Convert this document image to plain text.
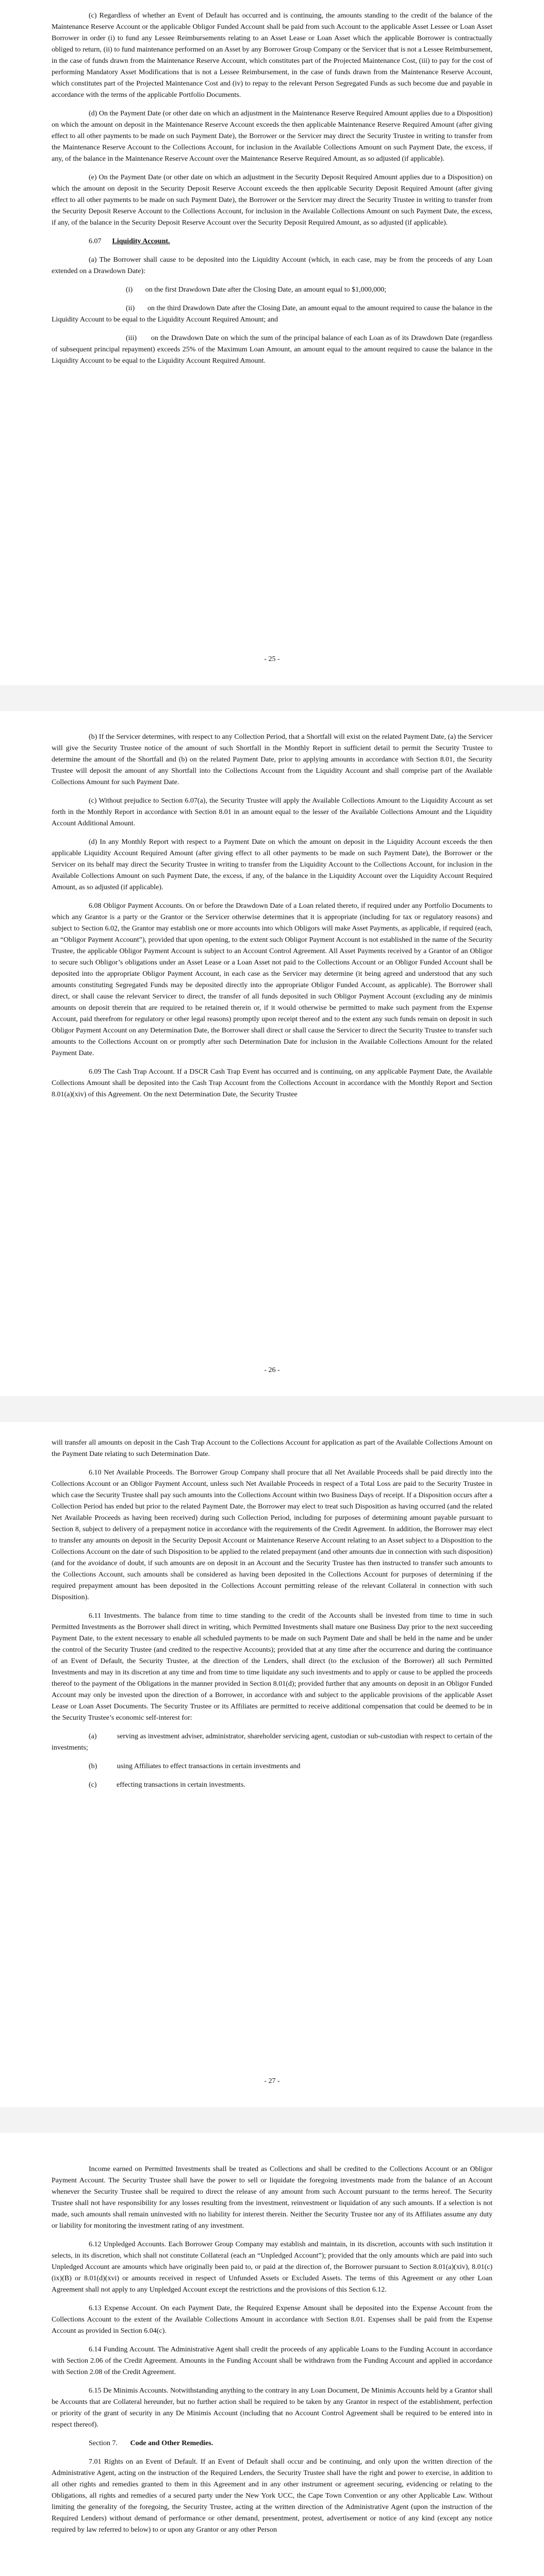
(c) Regardless of whether an Event of Default has occurred and is continuing, the amounts standing to the credit of the balance of the Maintenance Reserve Account or the applicable Obligor Funded Account shall be paid from such Account to the applicable Asset Lessee or Loan Asset Borrower in order (i) to fund any Lessee Reimbursements relating to an Asset Lease or Loan Asset which the applicable Borrower is contractually obliged to return, (ii) to fund maintenance performed on an Asset by any Borrower Group Company or the Servicer that is not a Lessee Reimbursement, in the case of funds drawn from the Maintenance Reserve Account, which constitutes part of the Projected Maintenance Cost, (iii) to pay for the cost of performing Mandatory Asset Modifications that is not a Lessee Reimbursement, in the case of funds drawn from the Maintenance Reserve Account, which constitutes part of the Projected Maintenance Cost and (iv) to repay to the relevant Person Segregated Funds as such become due and payable in accordance with the terms of the applicable Portfolio Documents.

(d) On the Payment Date (or other date on which an adjustment in the Maintenance Reserve Required Amount applies due to a Disposition) on which the amount on deposit in the Maintenance Reserve Account exceeds the then applicable Maintenance Reserve Required Amount (after giving effect to all other payments to be made on such Payment Date), the Borrower or the Servicer may direct the Security Trustee in writing to transfer from the Maintenance Reserve Account to the Collections Account, for inclusion in the Available Collections Amount on such Payment Date, the excess, if any, of the balance in the Maintenance Reserve Account over the Maintenance Reserve Required Amount, as so adjusted (if applicable).

(e) On the Payment Date (or other date on which an adjustment in the Security Deposit Required Amount applies due to a Disposition) on which the amount on deposit in the Security Deposit Reserve Account exceeds the then applicable Security Deposit Required Amount (after giving effect to all other payments to be made on such Payment Date), the Borrower or the Servicer may direct the Security Trustee in writing to transfer from the Security Deposit Reserve Account to the Collections Account, for inclusion in the Available Collections Amount on such Payment Date, the excess, if any, of the balance in the Security Deposit Reserve Account over the Security Deposit Required Amount, as so adjusted (if applicable).

6.07 Liquidity Account.

(a) The Borrower shall cause to be deposited into the Liquidity Account (which, in each case, may be from the proceeds of any Loan extended on a Drawdown Date):

(i) on the first Drawdown Date after the Closing Date, an amount equal to $1,000,000;

(ii) on the third Drawdown Date after the Closing Date, an amount equal to the amount required to cause the balance in the Liquidity Account to be equal to the Liquidity Account Required Amount; and

(iii) on the Drawdown Date on which the sum of the principal balance of each Loan as of its Drawdown Date (regardless of subsequent principal repayment) exceeds 25% of the Maximum Loan Amount, an amount equal to the amount required to cause the balance in the Liquidity Account to be equal to the Liquidity Account Required Amount.

- 25 -

(b) If the Servicer determines, with respect to any Collection Period, that a Shortfall will exist on the related Payment Date, (a) the Servicer will give the Security Trustee notice of the amount of such Shortfall in the Monthly Report in sufficient detail to permit the Security Trustee to determine the amount of the Shortfall and (b) on the related Payment Date, prior to applying amounts in accordance with Section 8.01, the Security Trustee will deposit the amount of any Shortfall into the Collections Account from the Liquidity Account and shall comprise part of the Available Collections Amount for such Payment Date.

(c) Without prejudice to Section 6.07(a), the Security Trustee will apply the Available Collections Amount to the Liquidity Account as set forth in the Monthly Report in accordance with Section 8.01 in an amount equal to the lesser of the Available Collections Amount and the Liquidity Account Additional Amount.

(d) In any Monthly Report with respect to a Payment Date on which the amount on deposit in the Liquidity Account exceeds the then applicable Liquidity Account Required Amount (after giving effect to all other payments to be made on such Payment Date), the Borrower or the Servicer on its behalf may direct the Security Trustee in writing to transfer from the Liquidity Account to the Collections Account, for inclusion in the Available Collections Amount on such Payment Date, the excess, if any, of the balance in the Liquidity Account over the Liquidity Account Required Amount, as so adjusted (if applicable).

6.08 Obligor Payment Accounts. On or before the Drawdown Date of a Loan related thereto, if required under any Portfolio Documents to which any Grantor is a party or the Grantor or the Servicer otherwise determines that it is appropriate (including for tax or regulatory reasons) and subject to Section 6.02, the Grantor may establish one or more accounts into which Obligors will make Asset Payments, as applicable, if required (each, an “Obligor Payment Account”), provided that upon opening, to the extent such Obligor Payment Account is not established in the name of the Security Trustee, the applicable Obligor Payment Account is subject to an Account Control Agreement. All Asset Payments received by a Grantor of an Obligor to secure such Obligor’s obligations under an Asset Lease or a Loan Asset not paid to the Collections Account or an Obligor Funded Account shall be deposited into the appropriate Obligor Payment Account, in each case as the Servicer may determine (it being agreed and understood that any such amounts constituting Segregated Funds may be deposited directly into the appropriate Obligor Funded Account, as applicable). The Borrower shall direct, or shall cause the relevant Servicer to direct, the transfer of all funds deposited in such Obligor Payment Account (excluding any de minimis amounts on deposit therein that are required to be retained therein or, if it would otherwise be permitted to make such payment from the Expense Account, paid therefrom for regulatory or other legal reasons) promptly upon receipt thereof and to the extent any such funds remain on deposit in such Obligor Payment Account on any Determination Date, the Borrower shall direct or shall cause the Servicer to direct the Security Trustee to transfer such amounts to the Collections Account on or promptly after such Determination Date for inclusion in the Available Collections Amount for the related Payment Date.

6.09 The Cash Trap Account. If a DSCR Cash Trap Event has occurred and is continuing, on any applicable Payment Date, the Available Collections Amount shall be deposited into the Cash Trap Account from the Collections Account in accordance with the Monthly Report and Section 8.01(a)(xiv) of this Agreement. On the next Determination Date, the Security Trustee

- 26 -

will transfer all amounts on deposit in the Cash Trap Account to the Collections Account for application as part of the Available Collections Amount on the Payment Date relating to such Determination Date.

6.10 Net Available Proceeds. The Borrower Group Company shall procure that all Net Available Proceeds shall be paid directly into the Collections Account or an Obligor Payment Account, unless such Net Available Proceeds in respect of a Total Loss are paid to the Security Trustee in which case the Security Trustee shall pay such amounts into the Collections Account within two Business Days of receipt. If a Disposition occurs after a Collection Period has ended but prior to the related Payment Date, the Borrower may elect to treat such Disposition as having occurred (and the related Net Available Proceeds as having been received) during such Collection Period, including for purposes of determining amount payable pursuant to Section 8, subject to delivery of a prepayment notice in accordance with the requirements of the Credit Agreement. In addition, the Borrower may elect to transfer any amounts on deposit in the Security Deposit Account or Maintenance Reserve Account relating to an Asset subject to a Disposition to the Collections Account on the date of such Disposition to be applied to the related prepayment (and other amounts due in connection with such disposition) (and for the avoidance of doubt, if such amounts are on deposit in an Account and the Security Trustee has then instructed to transfer such amounts to the Collections Account, such amounts shall be considered as having been deposited in the Collections Account for purposes of determining if the required prepayment amount has been deposited in the Collections Account permitting release of the relevant Collateral in connection with such Disposition).

6.11 Investments. The balance from time to time standing to the credit of the Accounts shall be invested from time to time in such Permitted Investments as the Borrower shall direct in writing, which Permitted Investments shall mature one Business Day prior to the next succeeding Payment Date, to the extent necessary to enable all scheduled payments to be made on such Payment Date and shall be held in the name and be under the control of the Security Trustee (and credited to the respective Accounts); provided that at any time after the occurrence and during the continuance of an Event of Default, the Security Trustee, at the direction of the Lenders, shall direct (to the exclusion of the Borrower) all such Permitted Investments and may in its discretion at any time and from time to time liquidate any such investments and to apply or cause to be applied the proceeds thereof to the payment of the Obligations in the manner provided in Section 8.01(d); provided further that any amounts on deposit in an Obligor Funded Account may only be invested upon the direction of a Borrower, in accordance with and subject to the applicable provisions of the applicable Asset Lease or Loan Asset Documents. The Security Trustee or its Affiliates are permitted to receive additional compensation that could be deemed to be in the Security Trustee’s economic self-interest for:

(a)	serving as investment adviser, administrator, shareholder servicing agent, custodian or sub-custodian with respect to certain of the investments;

(b)	using Affiliates to effect transactions in certain investments and

(c)	effecting transactions in certain investments.

- 27 -

Income earned on Permitted Investments shall be treated as Collections and shall be credited to the Collections Account or an Obligor Payment Account. The Security Trustee shall have the power to sell or liquidate the foregoing investments made from the balance of an Account whenever the Security Trustee shall be required to direct the release of any amount from such Account pursuant to the terms hereof. The Security Trustee shall not have responsibility for any losses resulting from the investment, reinvestment or liquidation of any such amounts. If a selection is not made, such amounts shall remain uninvested with no liability for interest therein. Neither the Security Trustee nor any of its Affiliates assume any duty or liability for monitoring the investment rating of any investment.

6.12 Unpledged Accounts. Each Borrower Group Company may establish and maintain, in its discretion, accounts with such institution it selects, in its discretion, which shall not constitute Collateral (each an “Unpledged Account”); provided that the only amounts which are paid into such Unpledged Account are amounts which have originally been paid to, or paid at the direction of, the Borrower pursuant to Section 8.01(a)(xiv), 8.01(c)(ix)(B) or 8.01(d)(xvi) or amounts received in respect of Unfunded Assets or Excluded Assets. The terms of this Agreement or any other Loan Agreement shall not apply to any Unpledged Account except the restrictions and the provisions of this Section 6.12.

6.13 Expense Account. On each Payment Date, the Required Expense Amount shall be deposited into the Expense Account from the Collections Account to the extent of the Available Collections Amount in accordance with Section 8.01. Expenses shall be paid from the Expense Account as provided in Section 6.04(c).

6.14 Funding Account. The Administrative Agent shall credit the proceeds of any applicable Loans to the Funding Account in accordance with Section 2.06 of the Credit Agreement. Amounts in the Funding Account shall be withdrawn from the Funding Account and applied in accordance with Section 2.08 of the Credit Agreement.

6.15 De Minimis Accounts. Notwithstanding anything to the contrary in any Loan Document, De Minimis Accounts held by a Grantor shall be Accounts that are Collateral hereunder, but no further action shall be required to be taken by any Grantor in respect of the establishment, perfection or priority of the grant of security in any De Minimis Account (including that no Account Control Agreement shall be required to be entered into in respect thereof).

Section 7. Code and Other Remedies.

7.01 Rights on an Event of Default. If an Event of Default shall occur and be continuing, and only upon the written direction of the Administrative Agent, acting on the instruction of the Required Lenders, the Security Trustee shall have the right and power to exercise, in addition to all other rights and remedies granted to them in this Agreement and in any other instrument or agreement securing, evidencing or relating to the Obligations, all rights and remedies of a secured party under the New York UCC, the Cape Town Convention or any other Applicable Law. Without limiting the generality of the foregoing, the Security Trustee, acting at the written direction of the Administrative Agent (upon the instruction of the Required Lenders) without demand of performance or other demand, presentment, protest, advertisement or notice of any kind (except any notice required by law referred to below) to or upon any Grantor or any other Person
